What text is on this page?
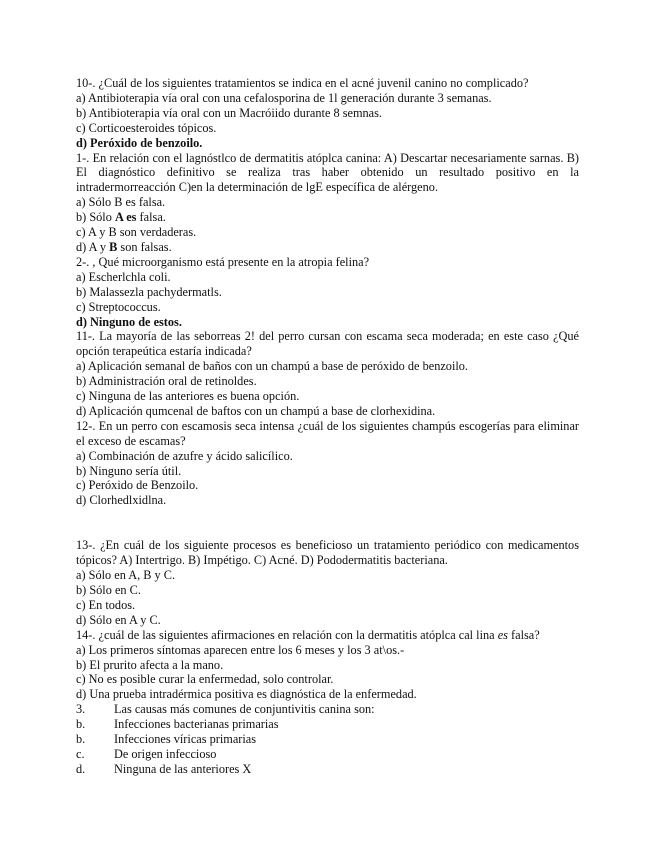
10-. ¿Cuál de los siguientes tratamientos se indica en el acné juvenil canino no complicado?
a) Antibioterapia vía oral con una cefalosporina de 1l generación durante 3 semanas.
b) Antibioterapia vía oral con un Macróiido durante 8 semnas.
c) Corticoesteroides tópicos.
d) Peróxido de benzoilo.
1-. En relación con el lagnóstlco de dermatitis atóplca canina: A) Descartar necesariamente sarnas. B) El diagnóstico definitivo se realiza tras haber obtenido un resultado positivo en la intradermorreacción C)en la determinación de lgE específica de alérgeno.
a) Sólo B es falsa.
b) Sólo A es falsa.
c) A y B son verdaderas.
d) A y B son falsas.
2-. , Qué microorganismo está presente en la atropia felina?
a) Escherlchla coli.
b) Malassezla pachydermatls.
c) Streptococcus.
d) Ninguno de estos.
11-. La mayoría de las seborreas 2! del perro cursan con escama seca moderada; en este caso ¿Qué opción terapeútica estaría indicada?
a) Aplicación semanal de baños con un champú a base de peróxido de benzoilo.
b) Administración oral de retinoldes.
c) Ninguna de las anteriores es buena opción.
d) Aplicación qumcenal de baftos con un champú a base de clorhexidina.
12-. En un perro con escamosis seca intensa ¿cuál de los siguientes champús escogerías para eliminar el exceso de escamas?
a) Combinación de azufre y ácido salicílico.
b) Ninguno sería útil.
c) Peróxido de Benzoilo.
d) Clorhedlxidlna.
13-. ¿En cuál de los siguiente procesos es beneficioso un tratamiento periódico con medicamentos tópicos? A) Intertrigo. B) Impétigo. C) Acné. D) Pododermatitis bacteriana.
a) Sólo en A, B y C.
b) Sólo en C.
c) En todos.
d) Sólo en A y C.
14-. ¿cuál de las siguientes afirmaciones en relación con la dermatitis atóplca cal lina es falsa?
a) Los primeros síntomas aparecen entre los 6 meses y los 3 at\os.-
b) El prurito afecta a la mano.
c) No es posible curar la enfermedad, solo controlar.
d) Una prueba intradérmica positiva es diagnóstica de la enfermedad.
3.	Las causas más comunes de conjuntivitis canina son:
b.	Infecciones bacterianas primarias
b.	Infecciones víricas primarias
c.	De origen infeccioso
d.	Ninguna de las anteriores X
